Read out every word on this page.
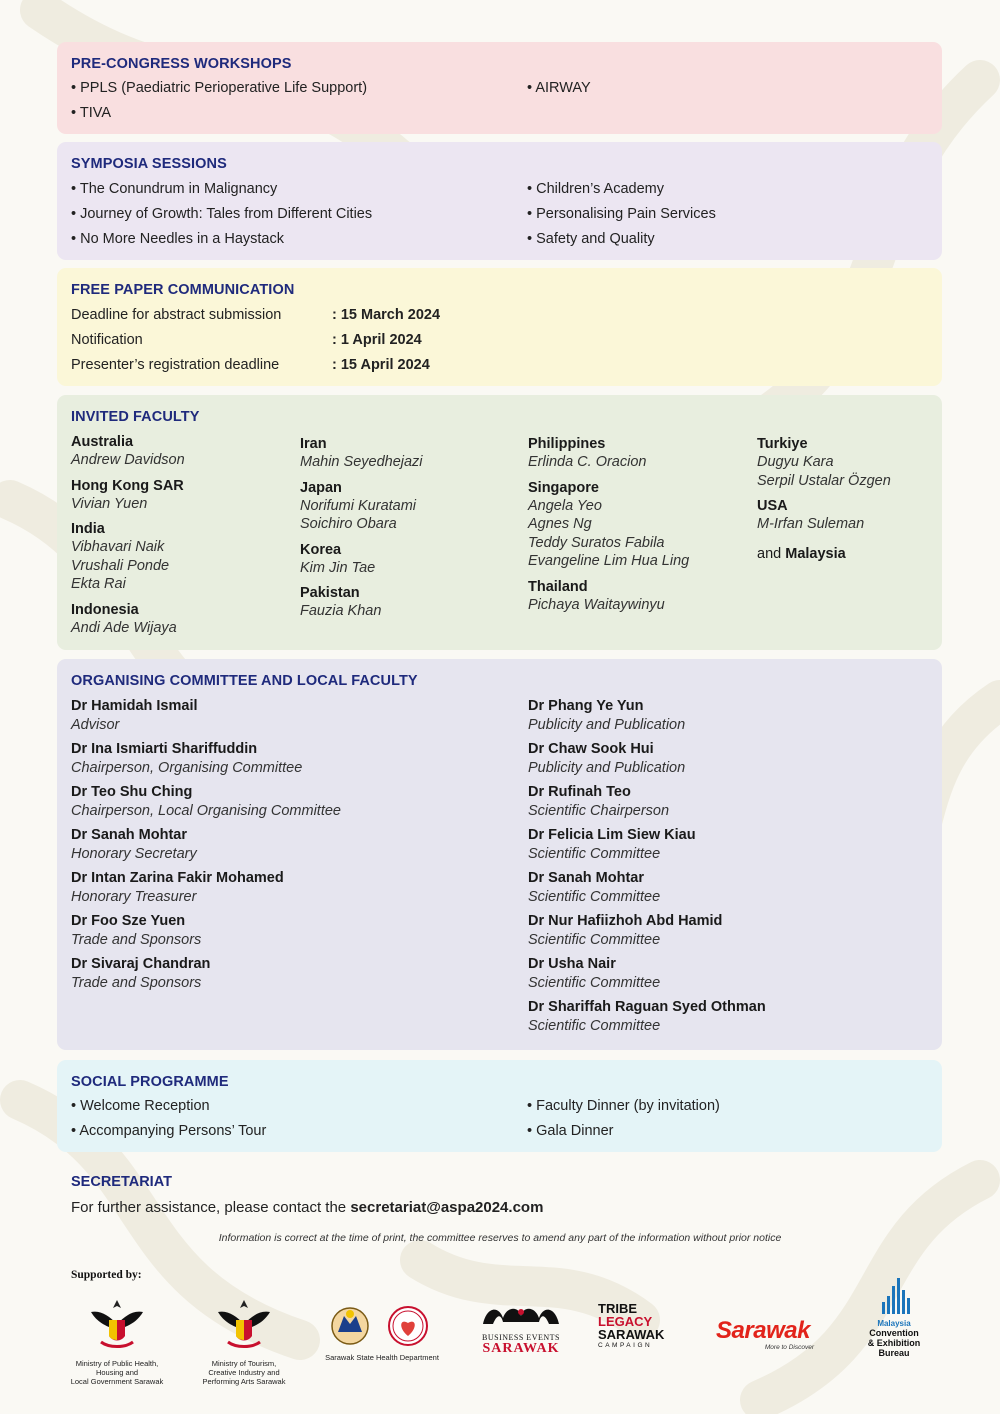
PRE-CONGRESS WORKSHOPS
• PPLS (Paediatric Perioperative Life Support)
• TIVA
• AIRWAY
SYMPOSIA SESSIONS
• The Conundrum in Malignancy
• Journey of Growth: Tales from Different Cities
• No More Needles in a Haystack
• Children’s Academy
• Personalising Pain Services
• Safety and Quality
FREE PAPER COMMUNICATION
Deadline for abstract submission	: 15 March 2024
Notification	: 1 April 2024
Presenter’s registration deadline	: 15 April 2024
INVITED FACULTY
Australia
Andrew Davidson
Hong Kong SAR
Vivian Yuen
India
Vibhavari Naik
Vrushali Ponde
Ekta Rai
Indonesia
Andi Ade Wijaya
Iran
Mahin Seyedhejazi
Japan
Norifumi Kuratami
Soichiro Obara
Korea
Kim Jin Tae
Pakistan
Fauzia Khan
Philippines
Erlinda C. Oracion
Singapore
Angela Yeo
Agnes Ng
Teddy Suratos Fabila
Evangeline Lim Hua Ling
Thailand
Pichaya Waitaywinyu
Turkiye
Dugyu Kara
Serpil Ustalar Özgen
USA
M-Irfan Suleman
and Malaysia
ORGANISING COMMITTEE AND LOCAL FACULTY
Dr Hamidah Ismail
Advisor
Dr Ina Ismiarti Shariffuddin
Chairperson, Organising Committee
Dr Teo Shu Ching
Chairperson, Local Organising Committee
Dr Sanah Mohtar
Honorary Secretary
Dr Intan Zarina Fakir Mohamed
Honorary Treasurer
Dr Foo Sze Yuen
Trade and Sponsors
Dr Sivaraj Chandran
Trade and Sponsors
Dr Phang Ye Yun
Publicity and Publication
Dr Chaw Sook Hui
Publicity and Publication
Dr Rufinah Teo
Scientific Chairperson
Dr Felicia Lim Siew Kiau
Scientific Committee
Dr Sanah Mohtar
Scientific Committee
Dr Nur Hafiizhoh Abd Hamid
Scientific Committee
Dr Usha Nair
Scientific Committee
Dr Shariffah Raguan Syed Othman
Scientific Committee
SOCIAL PROGRAMME
• Welcome Reception
• Accompanying Persons’ Tour
• Faculty Dinner (by invitation)
• Gala Dinner
SECRETARIAT
For further assistance, please contact the secretariat@aspa2024.com
Information is correct at the time of print, the committee reserves to amend any part of the information without prior notice
Supported by:
Ministry of Public Health,
Housing and
Local Government Sarawak
Ministry of Tourism,
Creative Industry and
Performing Arts Sarawak
Sarawak State Health Department
BUSINESS EVENTS
SARAWAK
TRIBE
LEGACY
SARAWAK
CAMPAIGN
Sarawak
More to Discover
Malaysia
Convention
& Exhibition
Bureau
